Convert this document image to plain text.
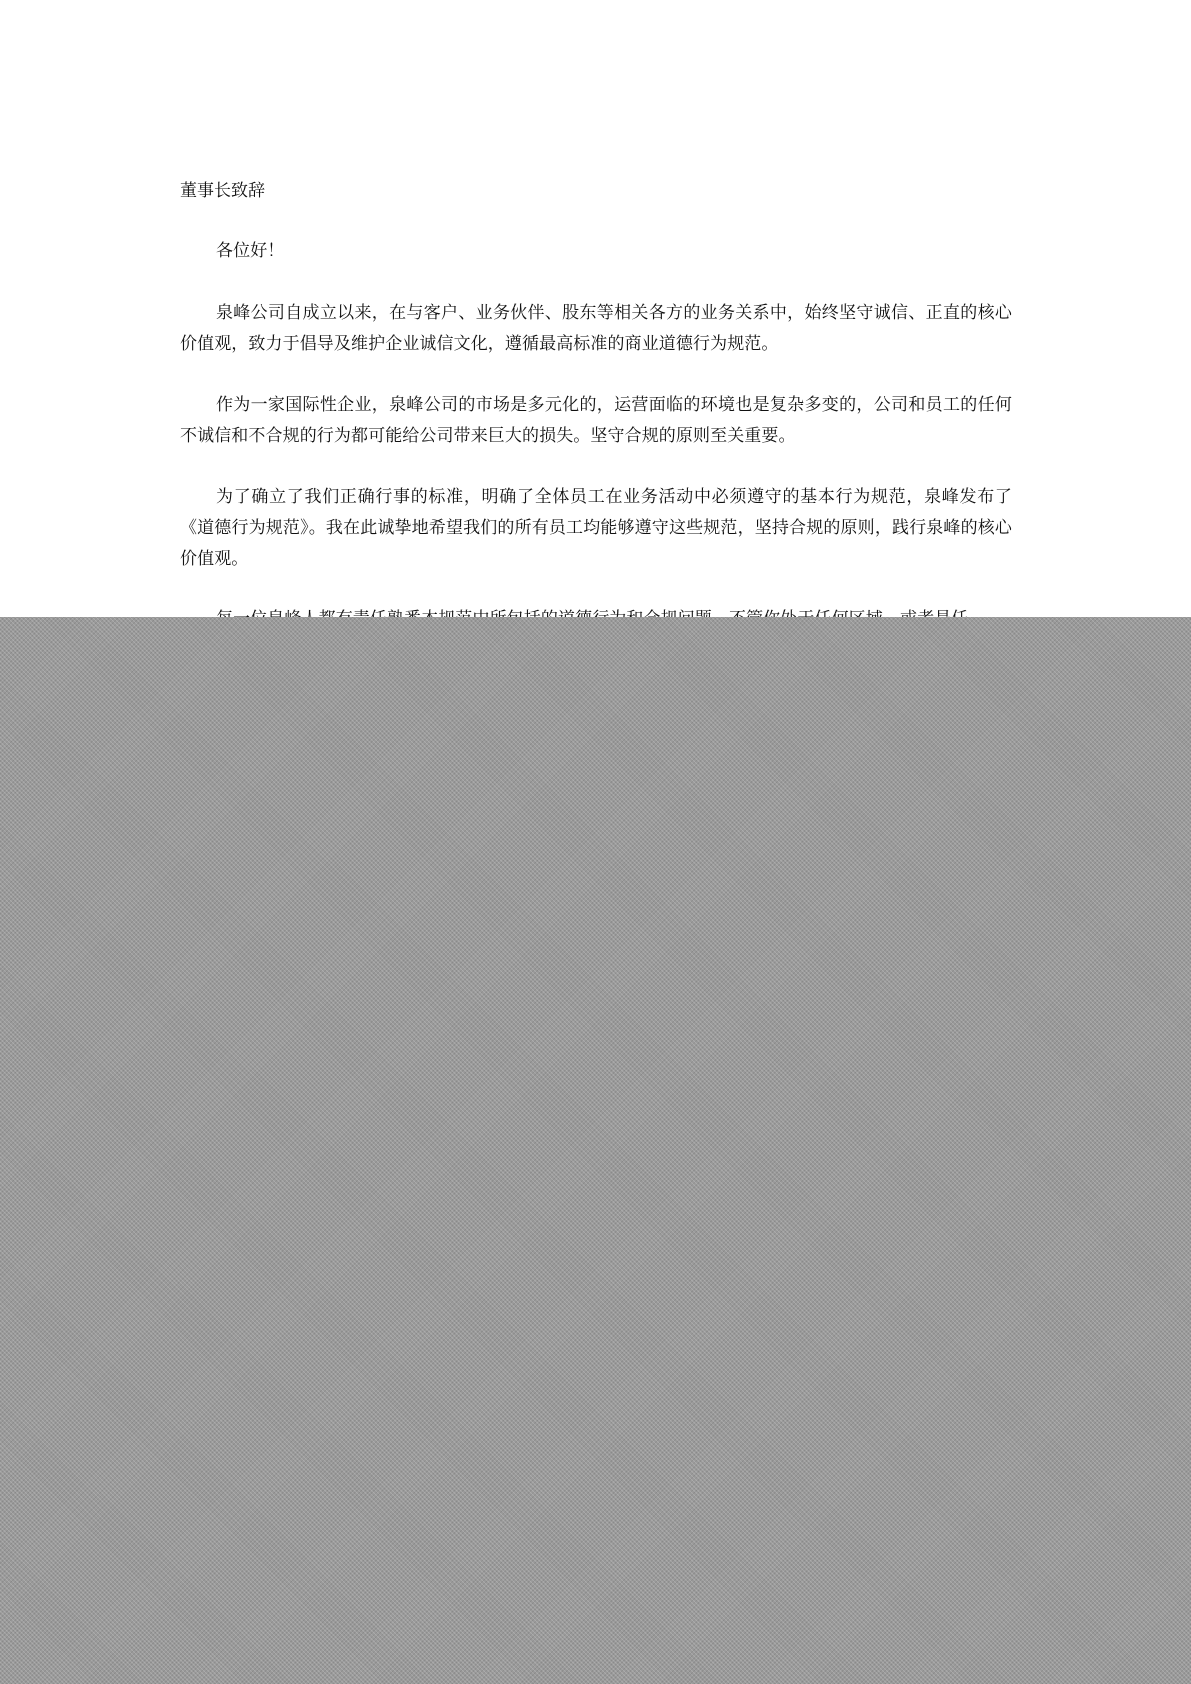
董事长致辞

各位好！

泉峰公司自成立以来，在与客户、业务伙伴、股东等相关各方的业务关系中，始终坚守诚信、正直的核心价值观，致力于倡导及维护企业诚信文化，遵循最高标准的商业道德行为规范。

作为一家国际性企业，泉峰公司的市场是多元化的，运营面临的环境也是复杂多变的，公司和员工的任何不诚信和不合规的行为都可能给公司带来巨大的损失。坚守合规的原则至关重要。

为了确立了我们正确行事的标准，明确了全体员工在业务活动中必须遵守的基本行为规范，泉峰发布了《道德行为规范》。我在此诚挚地希望我们的所有员工均能够遵守这些规范，坚持合规的原则，践行泉峰的核心价值观。
